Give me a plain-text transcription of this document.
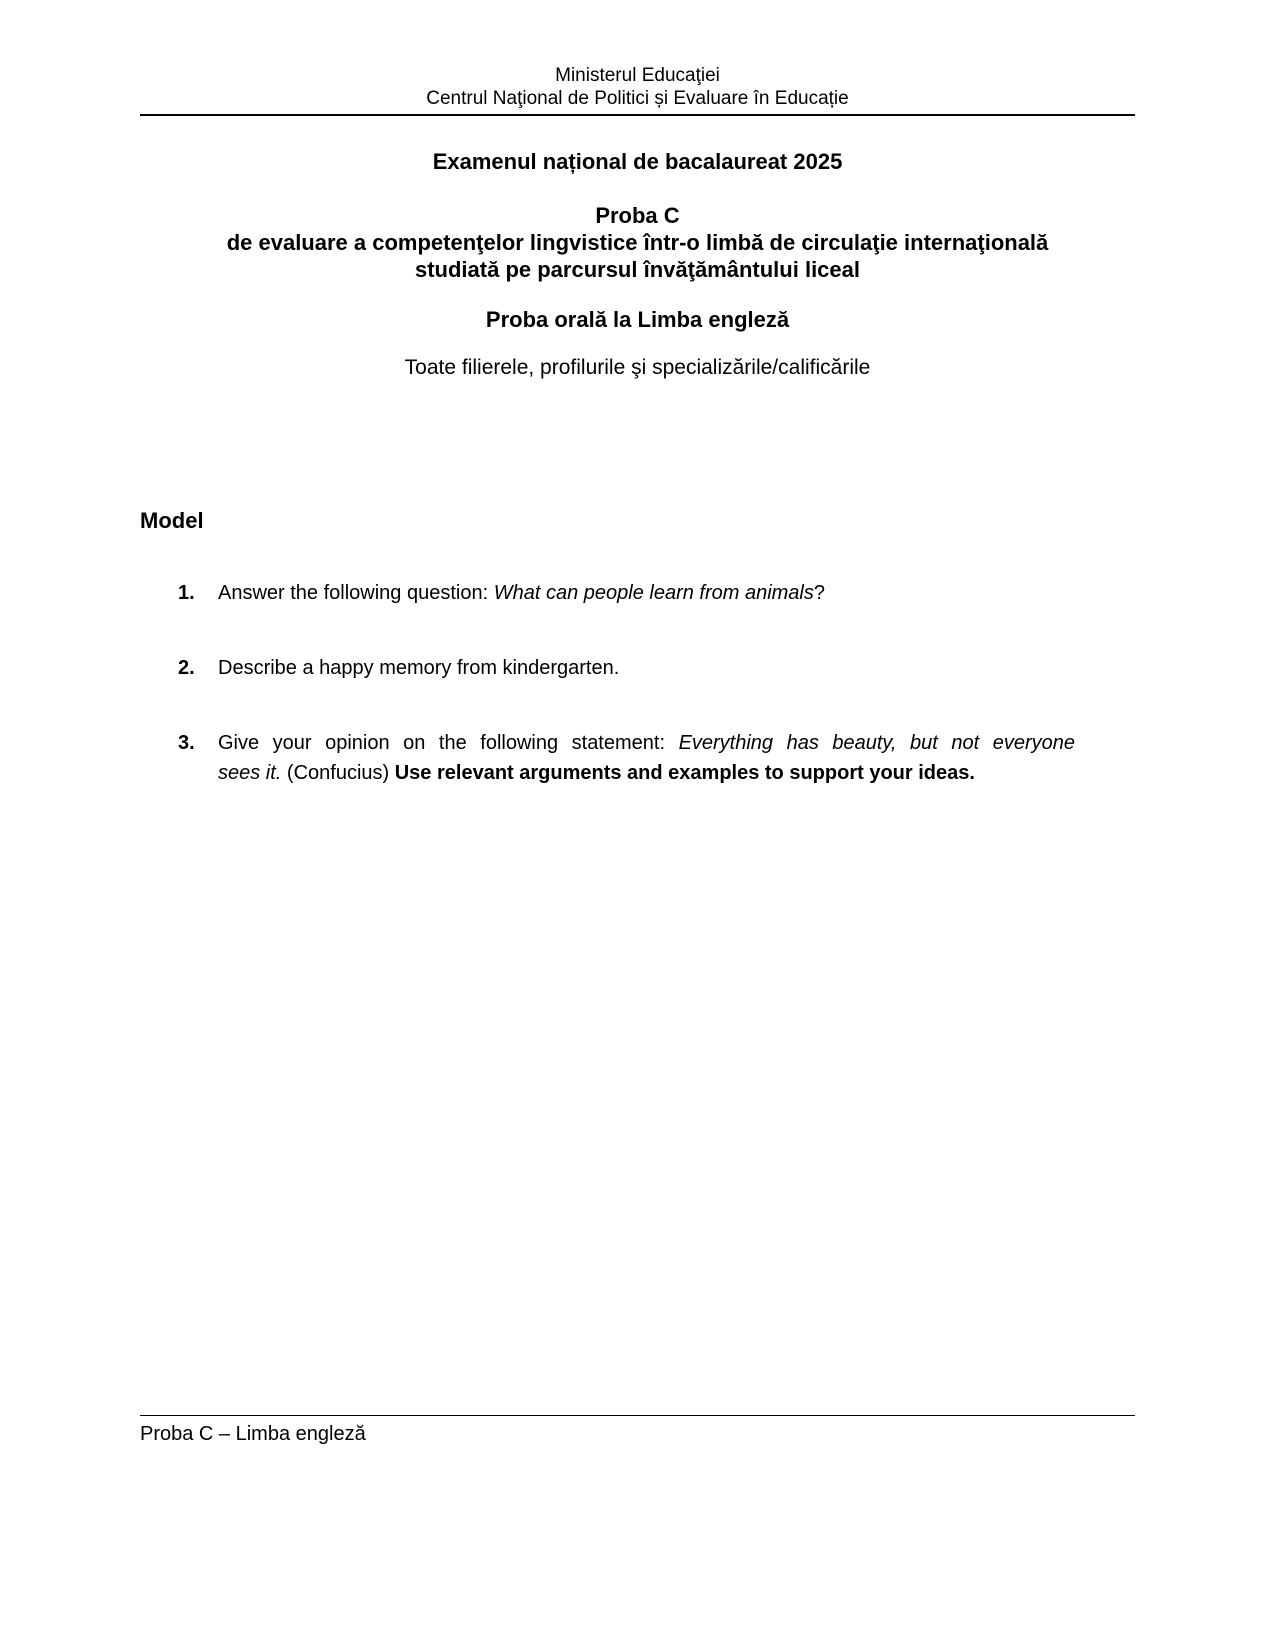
Ministerul Educaţiei
Centrul Naţional de Politici și Evaluare în Educație
Examenul național de bacalaureat 2025
Proba C
de evaluare a competenţelor lingvistice într-o limbă de circulaţie internaţională
studiată pe parcursul învăţământului liceal
Proba orală la Limba engleză
Toate filierele, profilurile şi specializările/calificările
Model
1.	Answer the following question: What can people learn from animals?
2.	Describe a happy memory from kindergarten.
3.	Give your opinion on the following statement: Everything has beauty, but not everyone
sees it. (Confucius) Use relevant arguments and examples to support your ideas.
Proba C – Limba engleză
